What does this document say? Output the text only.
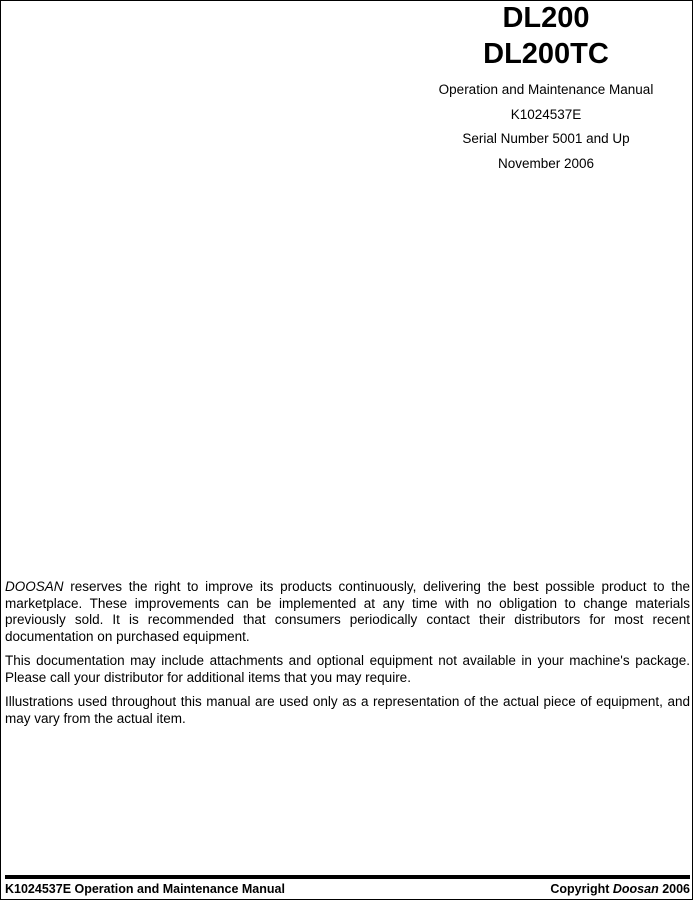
DL200
DL200TC
Operation and Maintenance Manual
K1024537E
Serial Number 5001 and Up
November 2006

DOOSAN reserves the right to improve its products continuously, delivering the best possible product to the marketplace. These improvements can be implemented at any time with no obligation to change materials previously sold. It is recommended that consumers periodically contact their distributors for most recent documentation on purchased equipment.

This documentation may include attachments and optional equipment not available in your machine's package. Please call your distributor for additional items that you may require.

Illustrations used throughout this manual are used only as a representation of the actual piece of equipment, and may vary from the actual item.

K1024537E Operation and Maintenance Manual	Copyright Doosan 2006
